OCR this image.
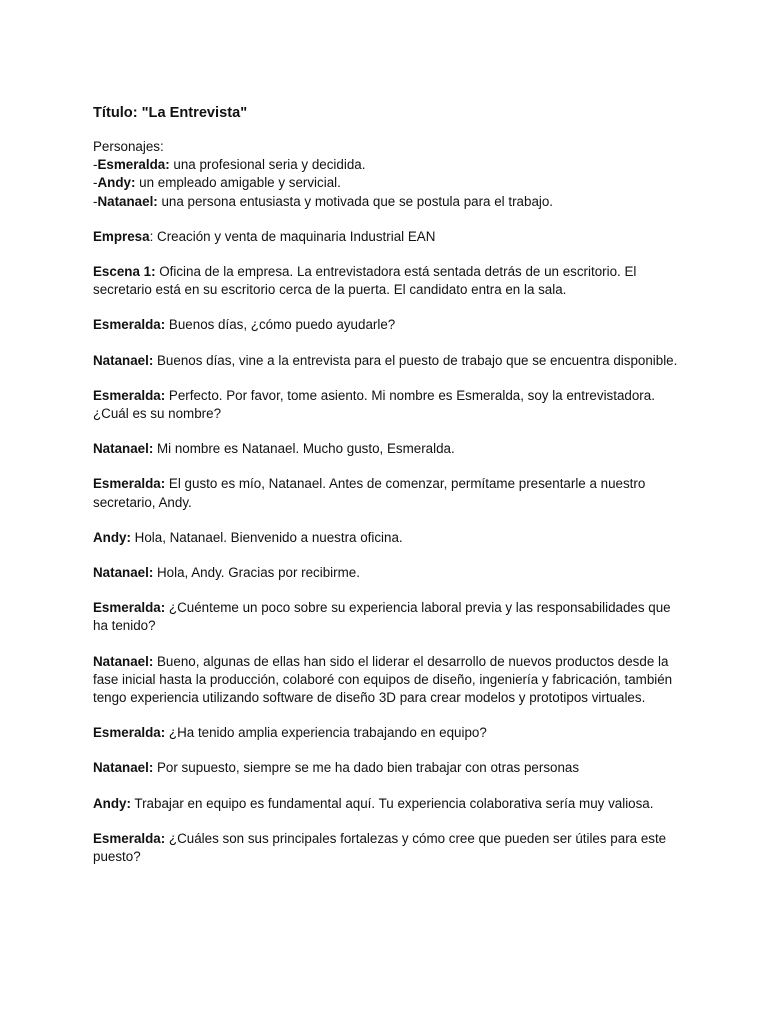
Título: "La Entrevista"
Personajes:
-Esmeralda: una profesional seria y decidida.
-Andy: un empleado amigable y servicial.
-Natanael: una persona entusiasta y motivada que se postula para el trabajo.
Empresa: Creación y venta de maquinaria Industrial EAN
Escena 1: Oficina de la empresa. La entrevistadora está sentada detrás de un escritorio. El secretario está en su escritorio cerca de la puerta. El candidato entra en la sala.
Esmeralda: Buenos días, ¿cómo puedo ayudarle?
Natanael: Buenos días, vine a la entrevista para el puesto de trabajo que se encuentra disponible.
Esmeralda: Perfecto. Por favor, tome asiento. Mi nombre es Esmeralda, soy la entrevistadora. ¿Cuál es su nombre?
Natanael: Mi nombre es Natanael. Mucho gusto, Esmeralda.
Esmeralda: El gusto es mío, Natanael. Antes de comenzar, permítame presentarle a nuestro secretario, Andy.
Andy: Hola, Natanael. Bienvenido a nuestra oficina.
Natanael: Hola, Andy. Gracias por recibirme.
Esmeralda: ¿Cuénteme un poco sobre su experiencia laboral previa y las responsabilidades que ha tenido?
Natanael: Bueno, algunas de ellas han sido el liderar el desarrollo de nuevos productos desde la fase inicial hasta la producción, colaboré con equipos de diseño, ingeniería y fabricación, también tengo experiencia utilizando software de diseño 3D para crear modelos y prototipos virtuales.
Esmeralda: ¿Ha tenido amplia experiencia trabajando en equipo?
Natanael: Por supuesto, siempre se me ha dado bien trabajar con otras personas
Andy: Trabajar en equipo es fundamental aquí. Tu experiencia colaborativa sería muy valiosa.
Esmeralda: ¿Cuáles son sus principales fortalezas y cómo cree que pueden ser útiles para este puesto?
